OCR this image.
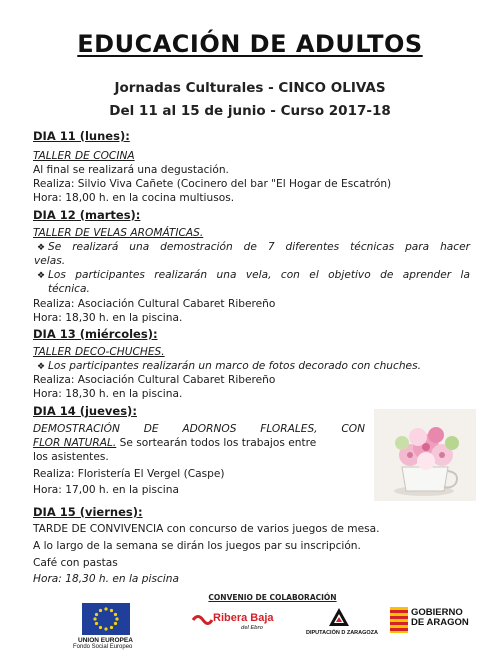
EDUCACIÓN DE ADULTOS
Jornadas Culturales - CINCO OLIVAS
Del 11 al 15 de junio - Curso 2017-18
DIA 11 (lunes):
TALLER DE COCINA
Al final se realizará una degustación.
Realiza: Silvio Viva Cañete (Cocinero del bar "El Hogar de Escatrón)
Hora: 18,00 h. en la cocina multiusos.
DIA 12 (martes):
TALLER DE VELAS AROMÁTICAS.
❖ Se realizará una demostración de 7 diferentes técnicas para hacer
velas.
❖ Los participantes realizarán una vela, con el objetivo de aprender la
técnica.
Realiza: Asociación Cultural Cabaret Ribereño
Hora: 18,30 h. en la piscina.
DIA 13 (miércoles):
TALLER DECO-CHUCHES.
❖ Los participantes realizarán un marco de fotos decorado con chuches.
Realiza: Asociación Cultural Cabaret Ribereño
Hora: 18,30 h. en la piscina.
DIA 14 (jueves):
DEMOSTRACIÓN DE ADORNOS FLORALES, CON
FLOR NATURAL. Se sortearán todos los trabajos entre
los asistentes.
Realiza: Floristería El Vergel (Caspe)
Hora: 17,00 h. en la piscina
DIA 15 (viernes):
TARDE DE CONVIVENCIA con concurso de varios juegos de mesa.
A lo largo de la semana se dirán los juegos par su inscripción.
Café con pastas
Hora: 18,30 h. en la piscina
CONVENIO DE COLABORACIÓN
UNION EUROPEA
Fondo Social Europeo
Ribera Baja
del Ebro
DIPUTACIÓN D ZARAGOZA
GOBIERNO
DE ARAGON
